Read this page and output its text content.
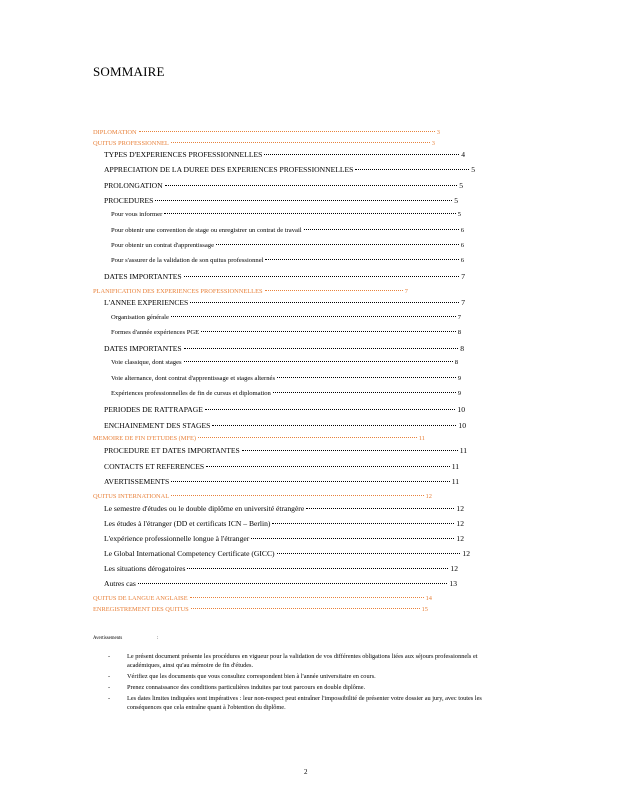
SOMMAIRE
DIPLOMATION	3
QUITUS PROFESSIONNEL	3
TYPES D'EXPERIENCES PROFESSIONNELLES	4
APPRECIATION DE LA DUREE DES EXPERIENCES PROFESSIONNELLES	5
PROLONGATION	5
PROCEDURES	5
Pour vous informer	5
Pour obtenir une convention de stage ou enregistrer un contrat de travail	6
Pour obtenir un contrat d'apprentissage	6
Pour s'assurer de la validation de son quitus professionnel	6
DATES IMPORTANTES	7
PLANIFICATION DES EXPERIENCES PROFESSIONNELLES	7
L'ANNEE EXPERIENCES	7
Organisation générale	7
Formes d'année expériences PGE	8
DATES IMPORTANTES	8
Voie classique, dont stages	8
Voie alternance, dont contrat d'apprentissage et stages alternés	9
Expériences professionnelles de fin de cursus et diplomation	9
PERIODES DE RATTRAPAGE	10
ENCHAINEMENT DES STAGES	10
MEMOIRE DE FIN D'ETUDES (MFE)	11
PROCEDURE ET DATES IMPORTANTES	11
CONTACTS ET REFERENCES	11
AVERTISSEMENTS	11
QUITUS INTERNATIONAL	12
Le semestre d'études ou le double diplôme en université étrangère	12
Les études à l'étranger (DD et certificats ICN – Berlin)	12
L'expérience professionnelle longue à l'étranger	12
Le Global International Competency Certificate (GICC)	12
Les situations dérogatoires	12
Autres cas	13
QUITUS DE LANGUE ANGLAISE	14
ENREGISTREMENT DES QUITUS	15
Avertissements	:
- Le présent document présente les procédures en vigueur pour la validation de vos différentes obligations liées aux séjours professionnels et académiques, ainsi qu'au mémoire de fin d'études.
- Vérifiez que les documents que vous consultez correspondent bien à l'année universitaire en cours.
- Prenez connaissance des conditions particulières induites par tout parcours en double diplôme.
- Les dates limites indiquées sont impératives : leur non-respect peut entraîner l'impossibilité de présenter votre dossier au jury, avec toutes les conséquences que cela entraîne quant à l'obtention du diplôme.
2
